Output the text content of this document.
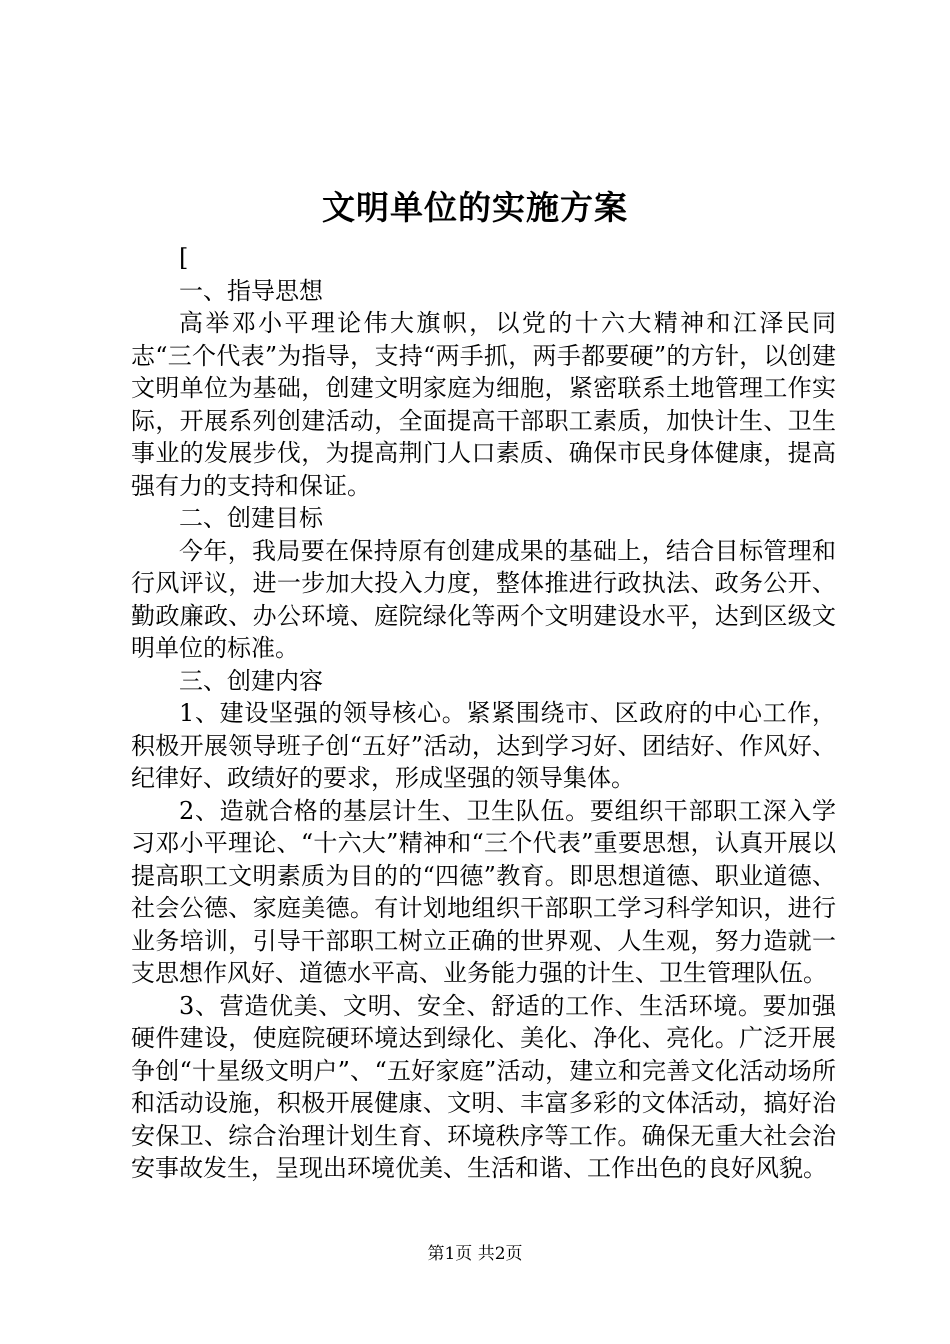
文明单位的实施方案

[

一、指导思想

高举邓小平理论伟大旗帜，以党的十六大精神和江泽民同志“三个代表”为指导，支持“两手抓，两手都要硬”的方针，以创建文明单位为基础，创建文明家庭为细胞，紧密联系土地管理工作实际，开展系列创建活动，全面提高干部职工素质，加快计生、卫生事业的发展步伐，为提高荆门人口素质、确保市民身体健康，提高强有力的支持和保证。

二、创建目标

今年，我局要在保持原有创建成果的基础上，结合目标管理和行风评议，进一步加大投入力度，整体推进行政执法、政务公开、勤政廉政、办公环境、庭院绿化等两个文明建设水平，达到区级文明单位的标准。

三、创建内容

1、建设坚强的领导核心。紧紧围绕市、区政府的中心工作，积极开展领导班子创“五好”活动，达到学习好、团结好、作风好、纪律好、政绩好的要求，形成坚强的领导集体。

2、造就合格的基层计生、卫生队伍。要组织干部职工深入学习邓小平理论、“十六大”精神和“三个代表”重要思想，认真开展以提高职工文明素质为目的的“四德”教育。即思想道德、职业道德、社会公德、家庭美德。有计划地组织干部职工学习科学知识，进行业务培训，引导干部职工树立正确的世界观、人生观，努力造就一支思想作风好、道德水平高、业务能力强的计生、卫生管理队伍。

3、营造优美、文明、安全、舒适的工作、生活环境。要加强硬件建设，使庭院硬环境达到绿化、美化、净化、亮化。广泛开展争创“十星级文明户”、“五好家庭”活动，建立和完善文化活动场所和活动设施，积极开展健康、文明、丰富多彩的文体活动，搞好治安保卫、综合治理计划生育、环境秩序等工作。确保无重大社会治安事故发生，呈现出环境优美、生活和谐、工作出色的良好风貌。

第1页 共2页
